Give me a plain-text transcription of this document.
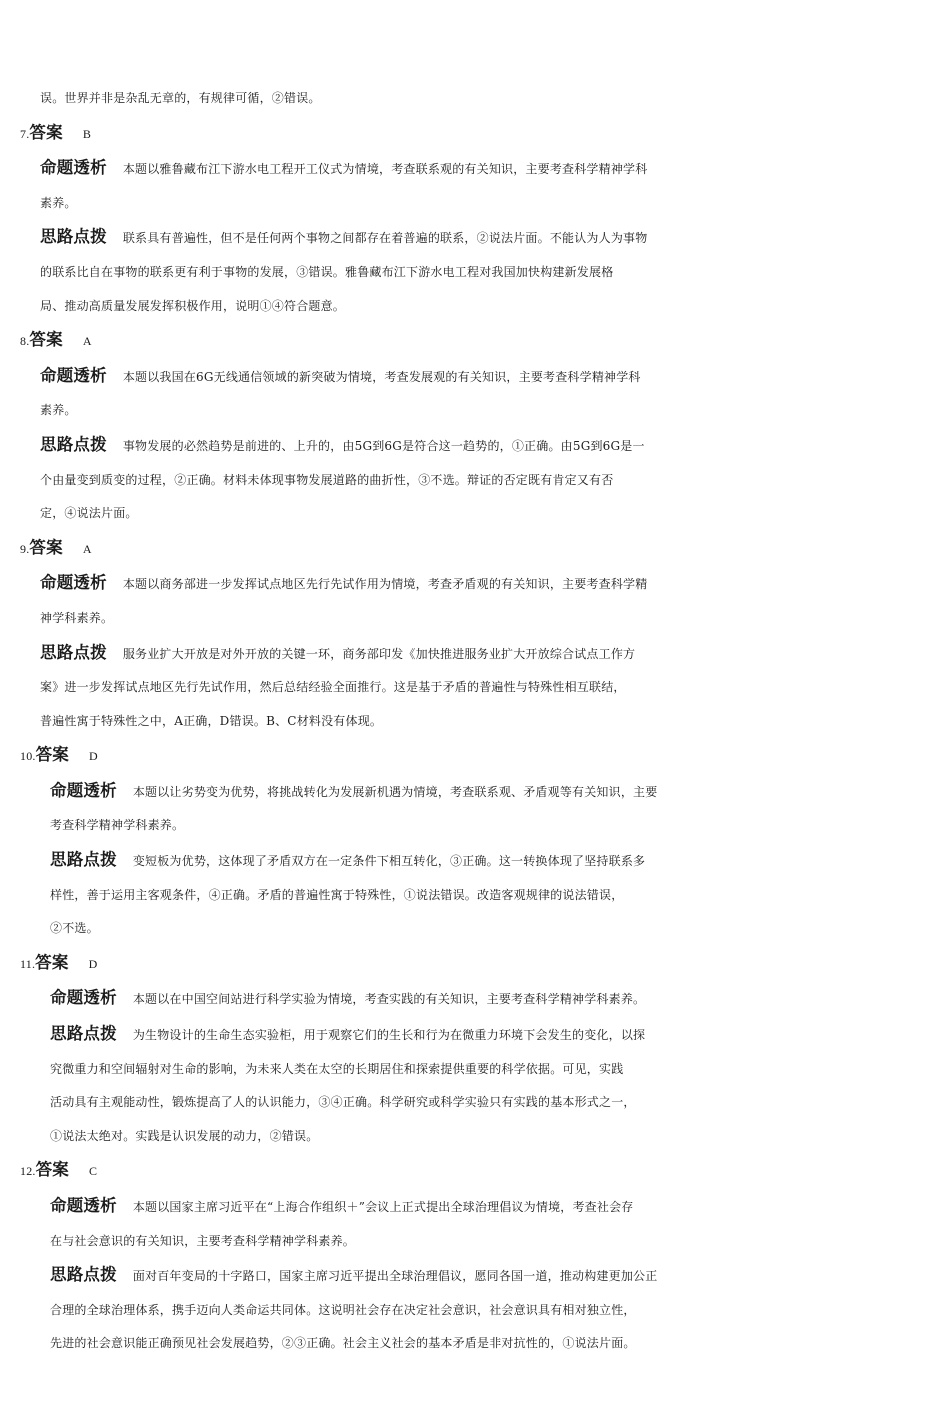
误。世界并非是杂乱无章的，有规律可循，②错误。
7.答案 B
命题透析 本题以雅鲁藏布江下游水电工程开工仪式为情境，考查联系观的有关知识，主要考查科学精神学科
素养。
思路点拨 联系具有普遍性，但不是任何两个事物之间都存在着普遍的联系，②说法片面。不能认为人为事物
的联系比自在事物的联系更有利于事物的发展，③错误。雅鲁藏布江下游水电工程对我国加快构建新发展格
局、推动高质量发展发挥积极作用，说明①④符合题意。
8.答案 A
命题透析 本题以我国在6G无线通信领域的新突破为情境，考查发展观的有关知识，主要考查科学精神学科
素养。
思路点拨 事物发展的必然趋势是前进的、上升的，由5G到6G是符合这一趋势的，①正确。由5G到6G是一
个由量变到质变的过程，②正确。材料未体现事物发展道路的曲折性，③不选。辩证的否定既有肯定又有否
定，④说法片面。
9.答案 A
命题透析 本题以商务部进一步发挥试点地区先行先试作用为情境，考查矛盾观的有关知识，主要考查科学精
神学科素养。
思路点拨 服务业扩大开放是对外开放的关键一环，商务部印发《加快推进服务业扩大开放综合试点工作方
案》进一步发挥试点地区先行先试作用，然后总结经验全面推行。这是基于矛盾的普遍性与特殊性相互联结，
普遍性寓于特殊性之中，A正确，D错误。B、C材料没有体现。
10.答案 D
命题透析 本题以让劣势变为优势，将挑战转化为发展新机遇为情境，考查联系观、矛盾观等有关知识，主要
考查科学精神学科素养。
思路点拨 变短板为优势，这体现了矛盾双方在一定条件下相互转化，③正确。这一转换体现了坚持联系多
样性，善于运用主客观条件，④正确。矛盾的普遍性寓于特殊性，①说法错误。改造客观规律的说法错误，
②不选。
11.答案 D
命题透析 本题以在中国空间站进行科学实验为情境，考查实践的有关知识，主要考查科学精神学科素养。
思路点拨 为生物设计的生命生态实验柜，用于观察它们的生长和行为在微重力环境下会发生的变化，以探
究微重力和空间辐射对生命的影响，为未来人类在太空的长期居住和探索提供重要的科学依据。可见，实践
活动具有主观能动性，锻炼提高了人的认识能力，③④正确。科学研究或科学实验只有实践的基本形式之一，
①说法太绝对。实践是认识发展的动力，②错误。
12.答案 C
命题透析 本题以国家主席习近平在“上海合作组织＋”会议上正式提出全球治理倡议为情境，考查社会存
在与社会意识的有关知识，主要考查科学精神学科素养。
思路点拨 面对百年变局的十字路口，国家主席习近平提出全球治理倡议，愿同各国一道，推动构建更加公正
合理的全球治理体系，携手迈向人类命运共同体。这说明社会存在决定社会意识，社会意识具有相对独立性，
先进的社会意识能正确预见社会发展趋势，②③正确。社会主义社会的基本矛盾是非对抗性的，①说法片面。
